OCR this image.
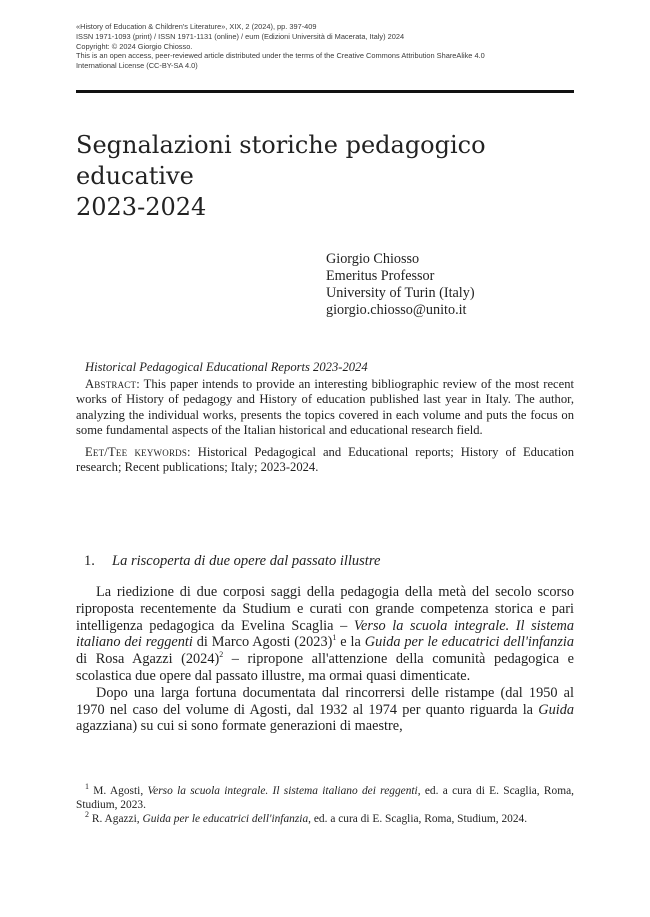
«History of Education & Children's Literature», XIX, 2 (2024), pp. 397-409
ISSN 1971-1093 (print) / ISSN 1971-1131 (online) / eum (Edizioni Università di Macerata, Italy) 2024
Copyright: © 2024 Giorgio Chiosso.
This is an open access, peer-reviewed article distributed under the terms of the Creative Commons Attribution ShareAlike 4.0
International License (CC-BY-SA 4.0)
Segnalazioni storiche pedagogico educative
2023-2024
Giorgio Chiosso
Emeritus Professor
University of Turin (Italy)
giorgio.chiosso@unito.it
Historical Pedagogical Educational Reports 2023-2024

Abstract: This paper intends to provide an interesting bibliographic review of the most recent works of History of pedagogy and History of education published last year in Italy. The author, analyzing the individual works, presents the topics covered in each volume and puts the focus on some fundamental aspects of the Italian historical and educational research field.

Eet/Tee keywords: Historical Pedagogical and Educational reports; History of Education research; Recent publications; Italy; 2023-2024.

1. La riscoperta di due opere dal passato illustre

La riedizione di due corposi saggi della pedagogia della metà del secolo scorso riproposta recentemente da Studium e curati con grande competenza storica e pari intelligenza pedagogica da Evelina Scaglia – Verso la scuola integrale. Il sistema italiano dei reggenti di Marco Agosti $(2023)^1$ e la Guida per le educatrici dell'infanzia di Rosa Agazzi $(2024)^2$ – ripropone all'attenzione della comunità pedagogica e scolastica due opere dal passato illustre, ma ormai quasi dimenticate.

Dopo una larga fortuna documentata dal rincorrersi delle ristampe (dal 1950 al 1970 nel caso del volume di Agosti, dal 1932 al 1974 per quanto riguarda la Guida agazziana) su cui si sono formate generazioni di maestre,

$^1$ M. Agosti, Verso la scuola integrale. Il sistema italiano dei reggenti, ed. a cura di E. Scaglia, Roma, Studium, 2023.

$^2$ R. Agazzi, Guida per le educatrici dell'infanzia, ed. a cura di E. Scaglia, Roma, Studium, 2024.
